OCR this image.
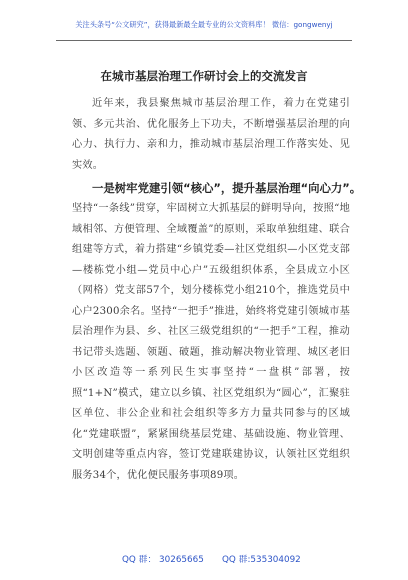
关注头条号“公文研究”，获得最新最全最专业的公文资料库！ 微信：gongwenyj
在城市基层治理工作研讨会上的交流发言

近年来，我县聚焦城市基层治理工作，着力在党建引领、多元共治、优化服务上下功夫，不断增强基层治理的向心力、执行力、亲和力，推动城市基层治理工作落实处、见实效。

一是树牢党建引领“核心”，提升基层治理“向心力”。

坚持“一条线”贯穿，牢固树立大抓基层的鲜明导向，按照“地域相邻、方便管理、全域覆盖”的原则，采取单独组建、联合组建等方式，着力搭建“乡镇党委—社区党组织—小区党支部—楼栋党小组—党员中心户”五级组织体系，全县成立小区（网格）党支部57个，划分楼栋党小组210个，推选党员中心户2300余名。坚持“一把手”推进，始终将党建引领城市基层治理作为县、乡、社区三级党组织的“一把手”工程，推动书记带头选题、领题、破题，推动解决物业管理、城区老旧小区改造等一系列民生实事坚持“一盘棋”部署，按照“1+N”模式，建立以乡镇、社区党组织为“圆心”，汇聚驻区单位、非公企业和社会组织等多方力量共同参与的区域化“党建联盟”，紧紧围绕基层党建、基础设施、物业管理、文明创建等重点内容，签订党建联建协议，认领社区党组织服务34个，优化便民服务事项89项。

QQ 群： 30265665 QQ 群:535304092
